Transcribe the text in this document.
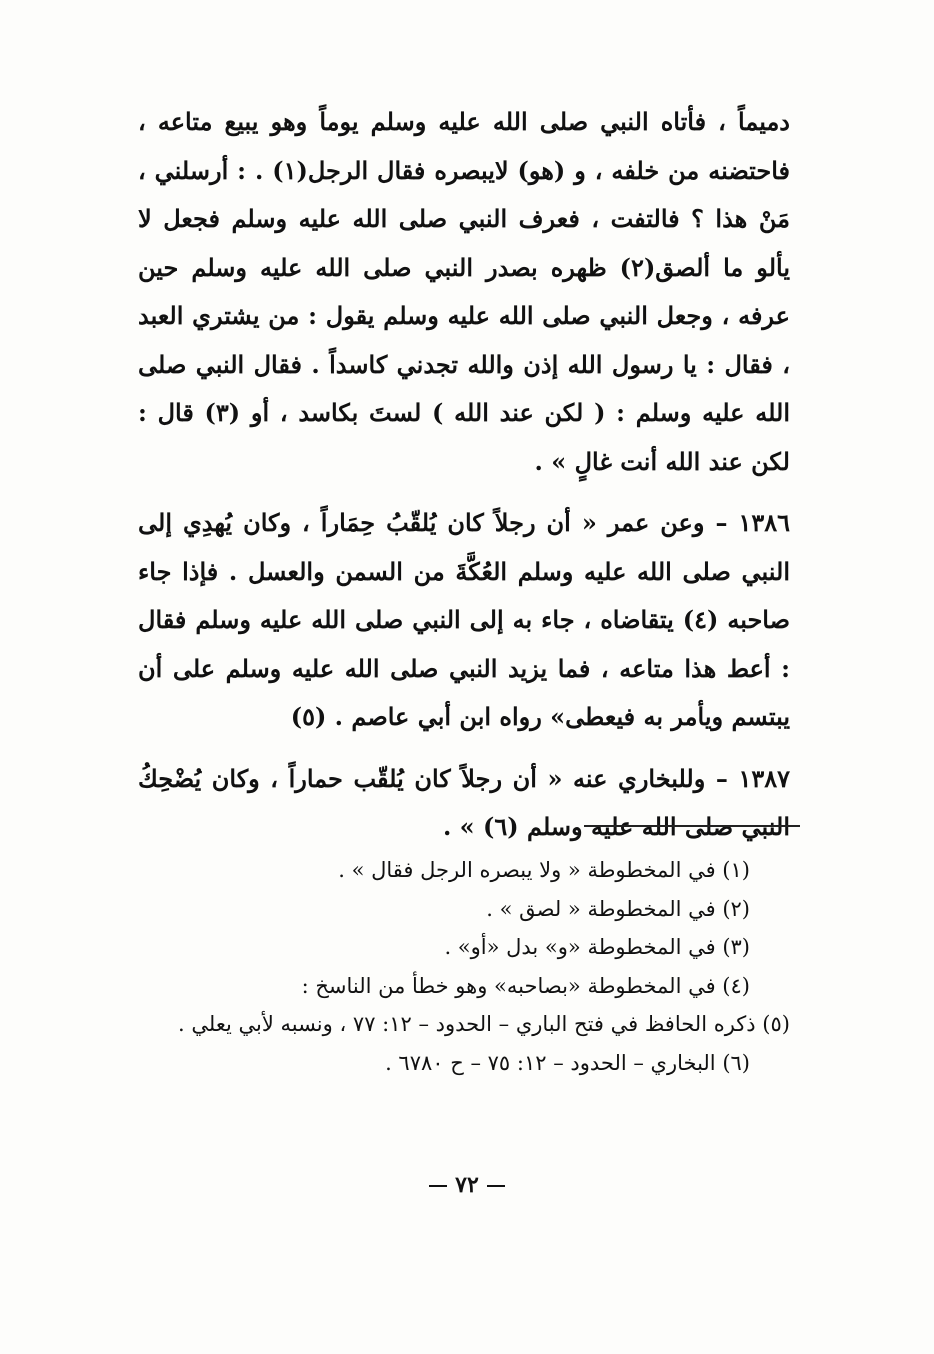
دميماً ، فأتاه النبي صلى الله عليه وسلم يوماً وهو يبيع متاعه ، فاحتضنه من خلفه ، و (هو) لايبصره فقال الرجل(١) . : أرسلني ، مَنْ هذا ؟ فالتفت ، فعرف النبي صلى الله عليه وسلم فجعل لا يألو ما ألصق(٢) ظهره بصدر النبي صلى الله عليه وسلم حين عرفه ، وجعل النبي صلى الله عليه وسلم يقول : من يشتري العبد ، فقال : يا رسول الله إذن والله تجدني كاسداً . فقال النبي صلى الله عليه وسلم : ( لكن عند الله ) لستَ بكاسد ، أو (٣) قال : لكن عند الله أنت غالٍ » .

١٣٨٦ – وعن عمر « أن رجلاً كان يُلقّبُ حِمَاراً ، وكان يُهدِي إلى النبي صلى الله عليه وسلم العُكَّةَ من السمن والعسل . فإذا جاء صاحبه (٤) يتقاضاه ، جاء به إلى النبي صلى الله عليه وسلم فقال : أعط هذا متاعه ، فما يزيد النبي صلى الله عليه وسلم على أن يبتسم ويأمر به فيعطى» رواه ابن أبي عاصم . (٥)

١٣٨٧ – وللبخاري عنه « أن رجلاً كان يُلقّب حماراً ، وكان يُضْحِكُ النبي صلى الله عليه وسلم (٦) » .

(١) في المخطوطة « ولا يبصره الرجل فقال » .

(٢) في المخطوطة « لصق » .

(٣) في المخطوطة «و» بدل «أو» .

(٤) في المخطوطة «بصاحبه» وهو خطأ من الناسخ :

(٥) ذكره الحافظ في فتح الباري – الحدود – ١٢: ٧٧ ، ونسبه لأبي يعلي .

(٦) البخاري – الحدود – ١٢: ٧٥ – ح ٦٧٨٠ .

٧٢
